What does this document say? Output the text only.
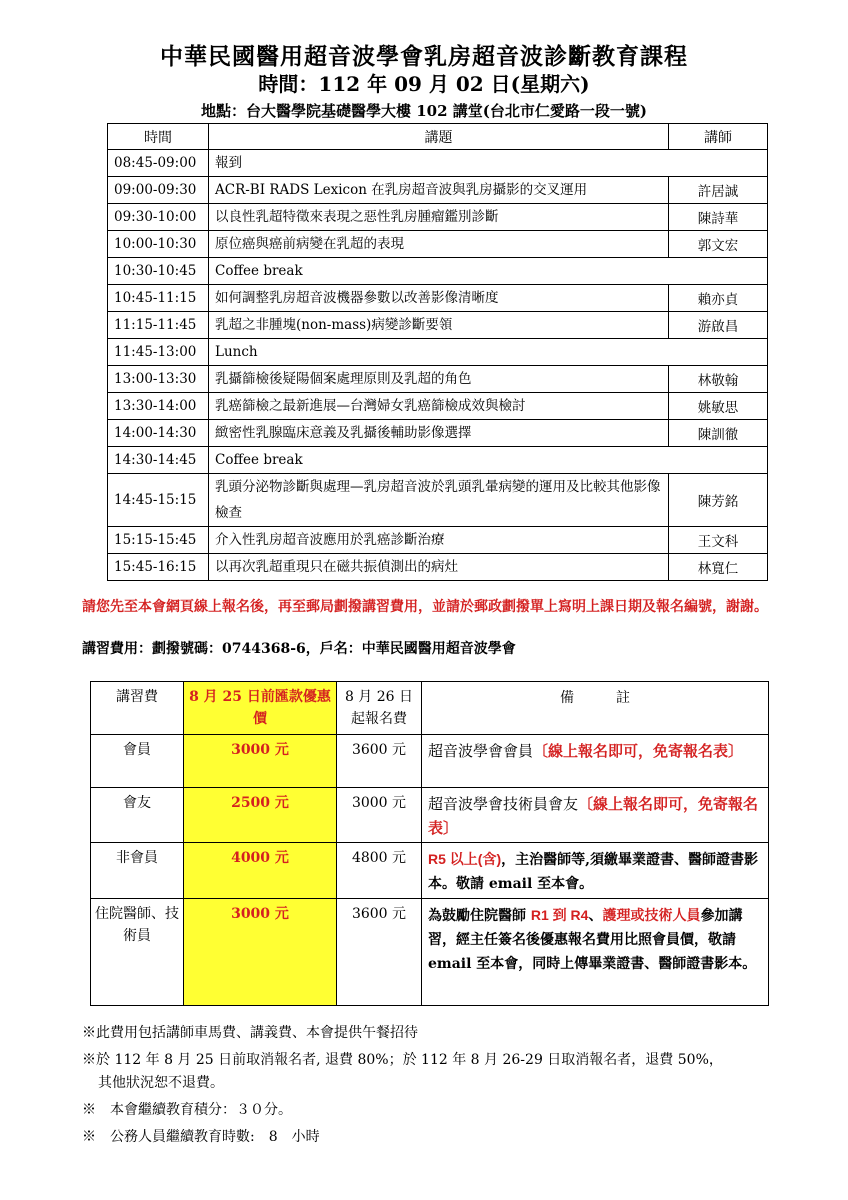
中華民國醫用超音波學會乳房超音波診斷教育課程
時間：112 年 09 月 02 日(星期六)
地點：台大醫學院基礎醫學大樓 102 講堂(台北市仁愛路一段一號)
時間	講題	講師
08:45-09:00	報到	
09:00-09:30	ACR-BI RADS Lexicon 在乳房超音波與乳房攝影的交叉運用	許居誠
09:30-10:00	以良性乳超特徵來表現之惡性乳房腫瘤鑑別診斷	陳詩華
10:00-10:30	原位癌與癌前病變在乳超的表現	郭文宏
10:30-10:45	Coffee break	
10:45-11:15	如何調整乳房超音波機器參數以改善影像清晰度	賴亦貞
11:15-11:45	乳超之非腫塊(non-mass)病變診斷要領	游啟昌
11:45-13:00	Lunch	
13:00-13:30	乳攝篩檢後疑陽個案處理原則及乳超的角色	林敬翰
13:30-14:00	乳癌篩檢之最新進展—台灣婦女乳癌篩檢成效與檢討	姚敏思
14:00-14:30	緻密性乳腺臨床意義及乳攝後輔助影像選擇	陳訓徹
14:30-14:45	Coffee break	
14:45-15:15	乳頭分泌物診斷與處理—乳房超音波於乳頭乳暈病變的運用及比較其他影像檢查	陳芳銘
15:15-15:45	介入性乳房超音波應用於乳癌診斷治療	王文科
15:45-16:15	以再次乳超重現只在磁共振偵測出的病灶	林寬仁
請您先至本會網頁線上報名後，再至郵局劃撥講習費用，並請於郵政劃撥單上寫明上課日期及報名編號，謝謝。
講習費用：劃撥號碼：0744368-6，戶名：中華民國醫用超音波學會
講習費	8 月 25 日前匯款優惠價	8 月 26 日起報名費	備　　　註
會員	3000 元	3600 元	超音波學會會員〔線上報名即可，免寄報名表〕
會友	2500 元	3000 元	超音波學會技術員會友〔線上報名即可，免寄報名表〕
非會員	4000 元	4800 元	R5 以上(含)，主治醫師等,須繳畢業證書、醫師證書影本。敬請 email 至本會。
住院醫師、技術員	3000 元	3600 元	為鼓勵住院醫師 R1 到 R4、護理或技術人員參加講習，經主任簽名後優惠報名費用比照會員價，敬請 email 至本會，同時上傳畢業證書、醫師證書影本。

※此費用包括講師車馬費、講義費、本會提供午餐招待

※於 112 年 8 月 25 日前取消報名者, 退費 80%；於 112 年 8 月 26-29 日取消報名者，退費 50%，

其他狀況恕不退費。

※　本會繼續教育積分：３０分。

※　公務人員繼續教育時數:　8　小時
